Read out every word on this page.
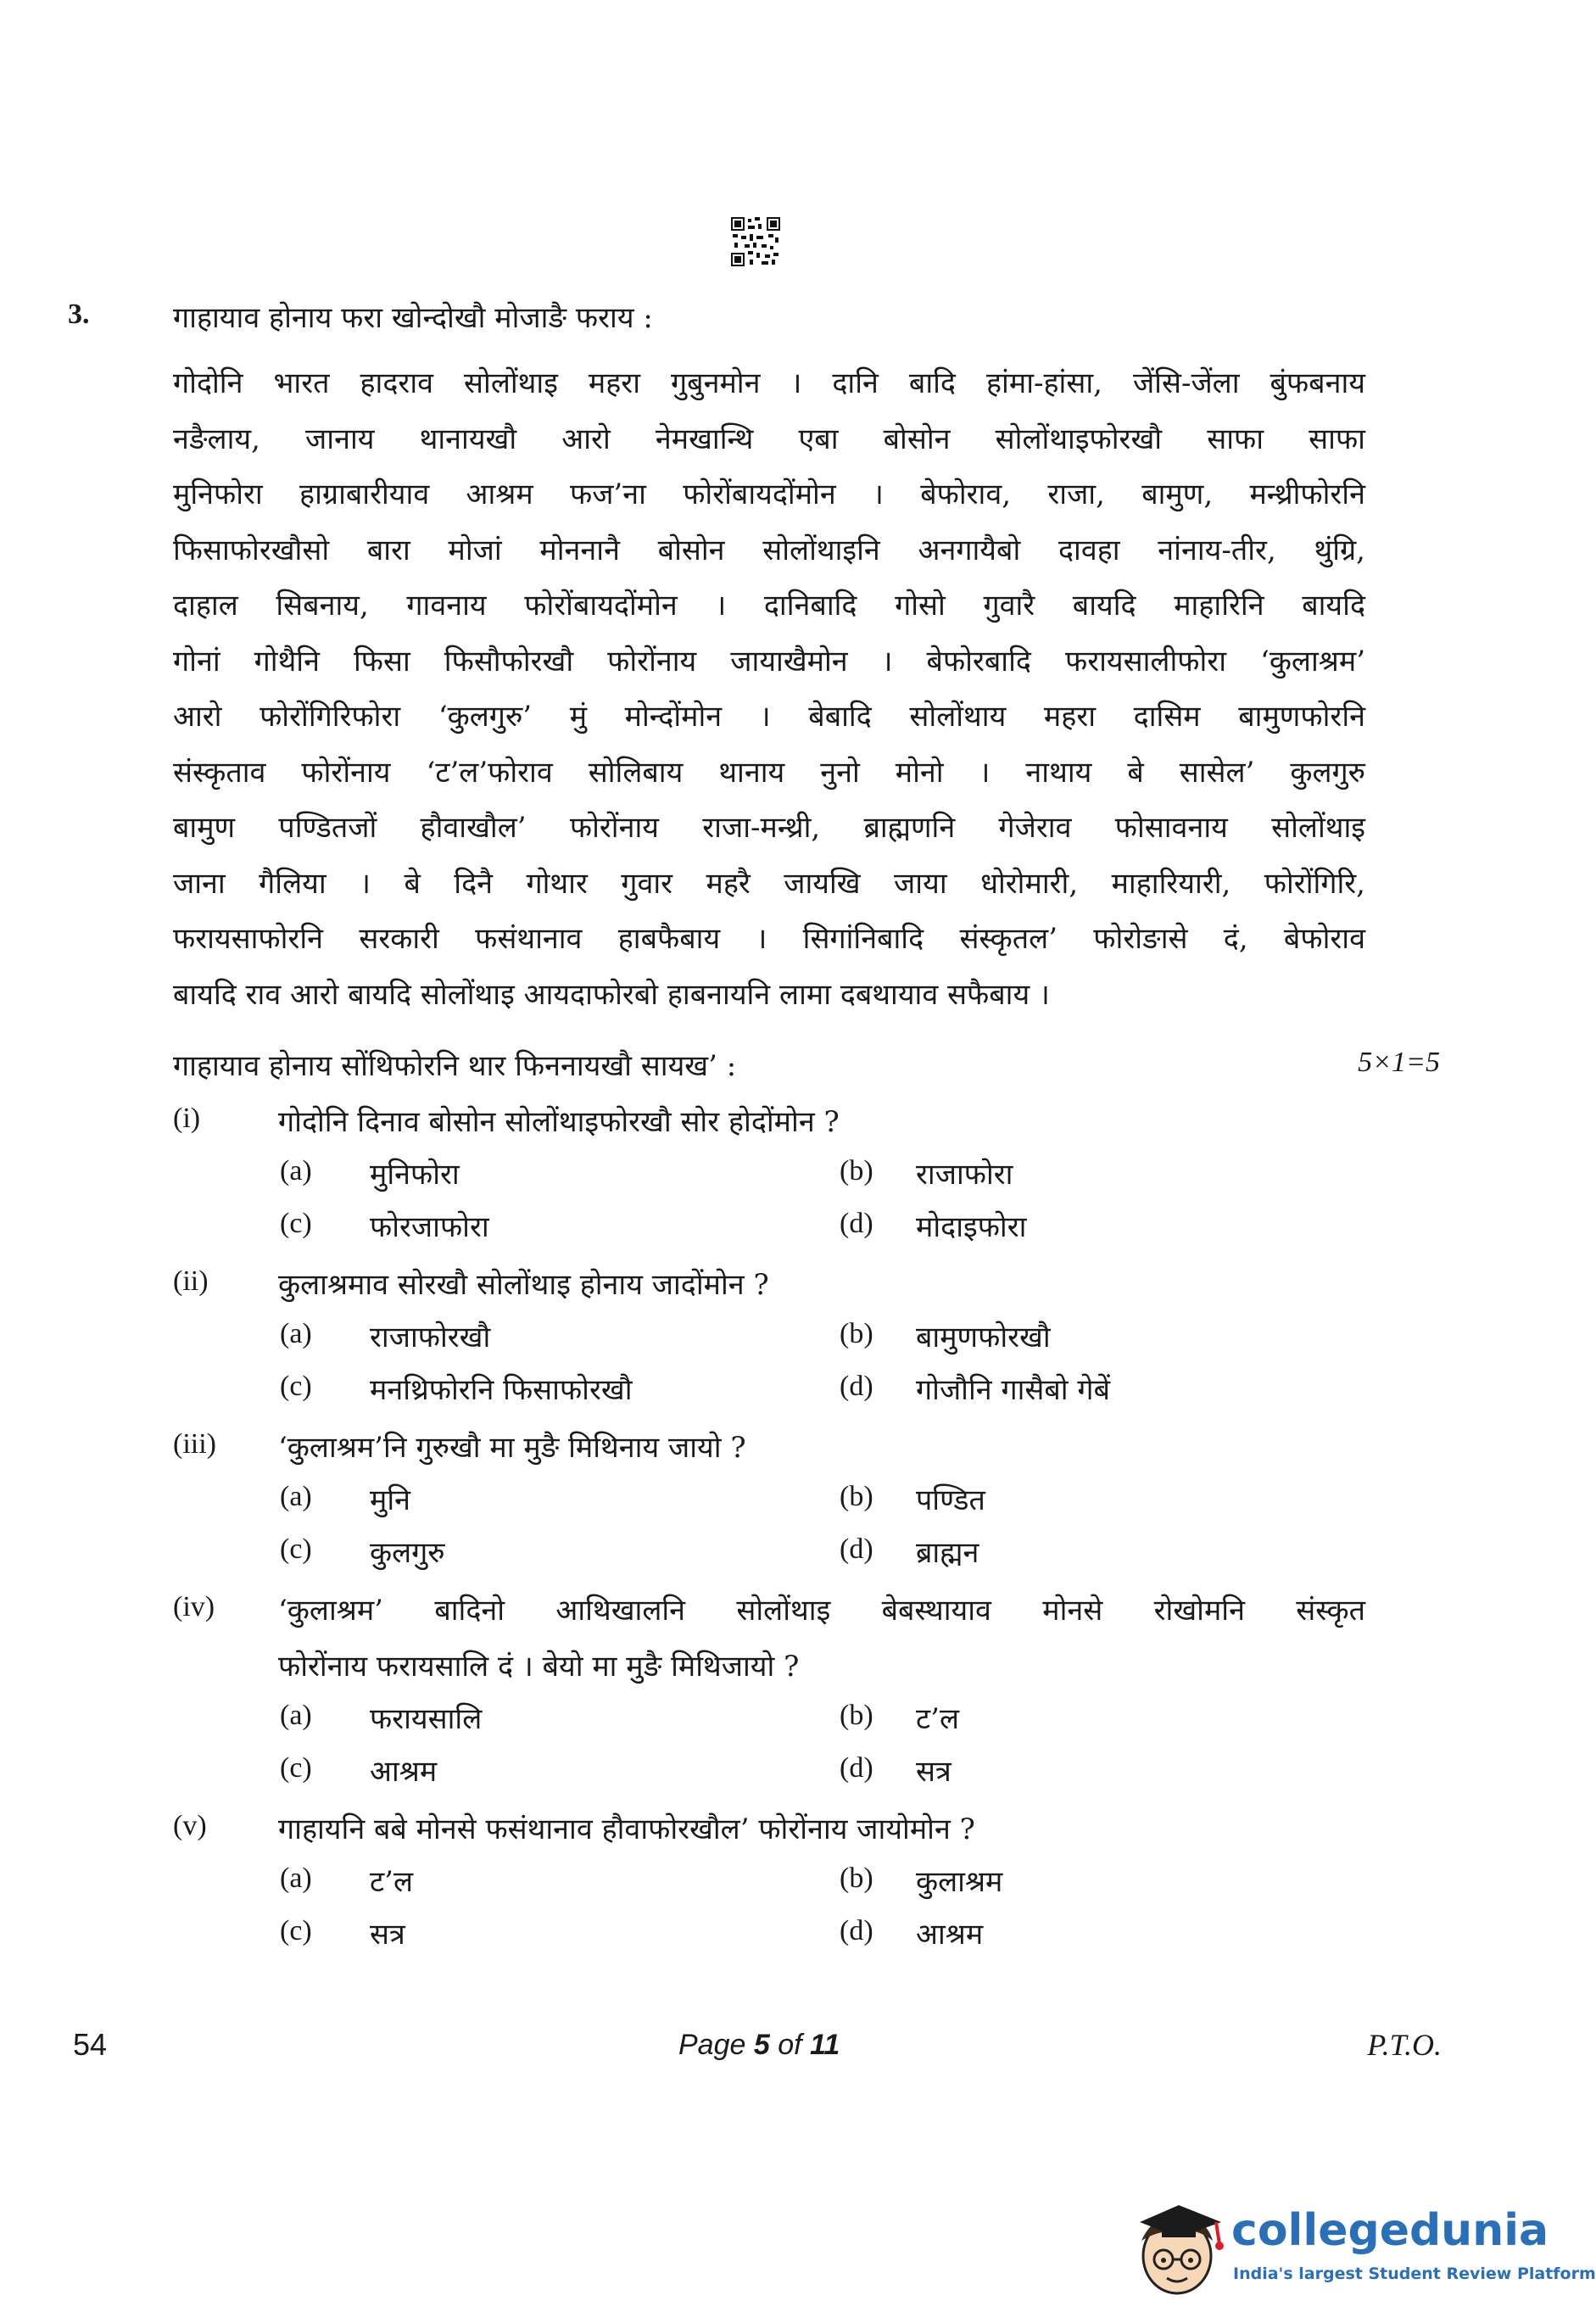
3.	गाहायाव होनाय फरा खोन्दोखौ मोजाङै फराय :
गोदोनि भारत हादराव सोलोंथाइ महरा गुबुनमोन । दानि बादि हांमा-हांसा, जेंसि-जेंला बुंफबनाय
नङैलाय, जानाय थानायखौ आरो नेमखान्थि एबा बोसोन सोलोंथाइफोरखौ साफा साफा
मुनिफोरा हाग्राबारीयाव आश्रम फज’ना फोरोंबायदोंमोन । बेफोराव, राजा, बामुण, मन्थ्रीफोरनि
फिसाफोरखौसो बारा मोजां मोननानै बोसोन सोलोंथाइनि अनगायैबो दावहा नांनाय-तीर, थुंग्रि,
दाहाल सिबनाय, गावनाय फोरोंबायदोंमोन । दानिबादि गोसो गुवारै बायदि माहारिनि बायदि
गोनां गोथैनि फिसा फिसौफोरखौ फोरोंनाय जायाखैमोन । बेफोरबादि फरायसालीफोरा ‘कुलाश्रम’
आरो फोरोंगिरिफोरा ‘कुलगुरु’ मुं मोन्दोंमोन । बेबादि सोलोंथाय महरा दासिम बामुणफोरनि
संस्कृताव फोरोंनाय ‘ट’ल’फोराव सोलिबाय थानाय नुनो मोनो । नाथाय बे सासेल’ कुलगुरु
बामुण पण्डितजों हौवाखौल’ फोरोंनाय राजा-मन्थ्री, ब्राह्मणनि गेजेराव फोसावनाय सोलोंथाइ
जाना गैलिया । बे दिनै गोथार गुवार महरै जायखि जाया धोरोमारी, माहारियारी, फोरोंगिरि,
फरायसाफोरनि सरकारी फसंथानाव हाबफैबाय । सिगांनिबादि संस्कृतल’ फोरोङासे दं, बेफोराव
बायदि राव आरो बायदि सोलोंथाइ आयदाफोरबो हाबनायनि लामा दबथायाव सफैबाय ।
गाहायाव होनाय सोंथिफोरनि थार फिननायखौ सायख’ :	5×1=5
(i)	गोदोनि दिनाव बोसोन सोलोंथाइफोरखौ सोर होदोंमोन ?
(a) मुनिफोरा	(b) राजाफोरा
(c) फोरजाफोरा	(d) मोदाइफोरा
(ii) कुलाश्रमाव सोरखौ सोलोंथाइ होनाय जादोंमोन ?
(a) राजाफोरखौ	(b) बामुणफोरखौ
(c) मनथ्रिफोरनि फिसाफोरखौ	(d) गोजौनि गासैबो गेबें
(iii) ‘कुलाश्रम’नि गुरुखौ मा मुङै मिथिनाय जायो ?
(a) मुनि	(b) पण्डित
(c) कुलगुरु	(d) ब्राह्मन
(iv) ‘कुलाश्रम’ बादिनो आथिखालनि सोलोंथाइ बेबस्थायाव मोनसे रोखोमनि संस्कृत
फोरोंनाय फरायसालि दं । बेयो मा मुङै मिथिजायो ?
(a) फरायसालि	(b) ट’ल
(c) आश्रम	(d) सत्र
(v) गाहायनि बबे मोनसे फसंथानाव हौवाफोरखौल’ फोरोंनाय जायोमोन ?
(a) ट’ल	(b) कुलाश्रम
(c) सत्र	(d) आश्रम
54	Page 5 of 11	P.T.O.
collegedunia
India's largest Student Review Platform
